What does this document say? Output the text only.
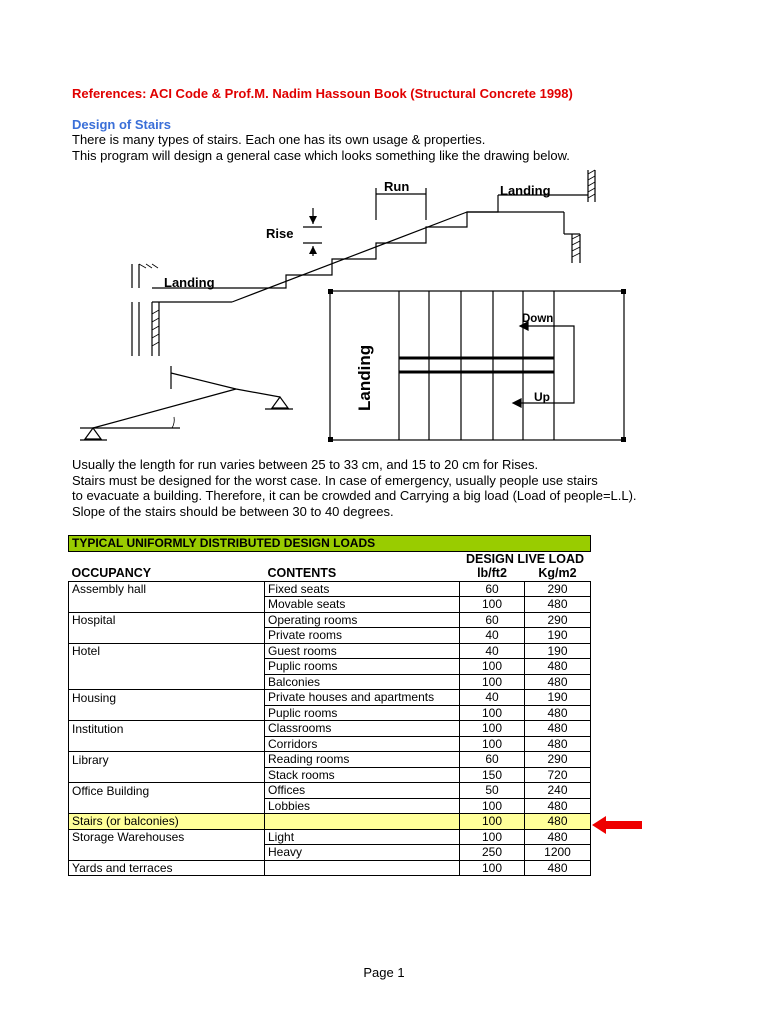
References: ACI Code & Prof.M. Nadim Hassoun Book (Structural Concrete 1998)
Design of Stairs
There is many types of stairs. Each one has its own usage & properties.
This program will design a general case which looks something like the drawing below.
Run	Landing
Rise
Landing
Landing
Down
Up
Usually the length for run varies between 25 to 33 cm, and 15 to 20 cm for Rises.
Stairs must be designed for the worst case. In case of emergency, usually people use stairs
to evacuate a building. Therefore, it can be crowded and Carrying a big load (Load of people=L.L).
Slope of the stairs should be between 30 to 40 degrees.
TYPICAL UNIFORMLY DISTRIBUTED DESIGN LOADS			
		DESIGN LIVE LOAD	
OCCUPANCY	CONTENTS	lb/ft2	Kg/m2
Assembly hall	Fixed seats	60	290
	Movable seats	100	480
Hospital	Operating rooms	60	290
	Private rooms	40	190
Hotel	Guest rooms	40	190
	Puplic rooms	100	480
	Balconies	100	480
Housing	Private houses and apartments	40	190
	Puplic rooms	100	480
Institution	Classrooms	100	480
	Corridors	100	480
Library	Reading rooms	60	290
	Stack rooms	150	720
Office Building	Offices	50	240
	Lobbies	100	480
Stairs (or balconies)		100	480
Storage Warehouses	Light	100	480
	Heavy	250	1200
Yards and terraces		100	480
Page 1
